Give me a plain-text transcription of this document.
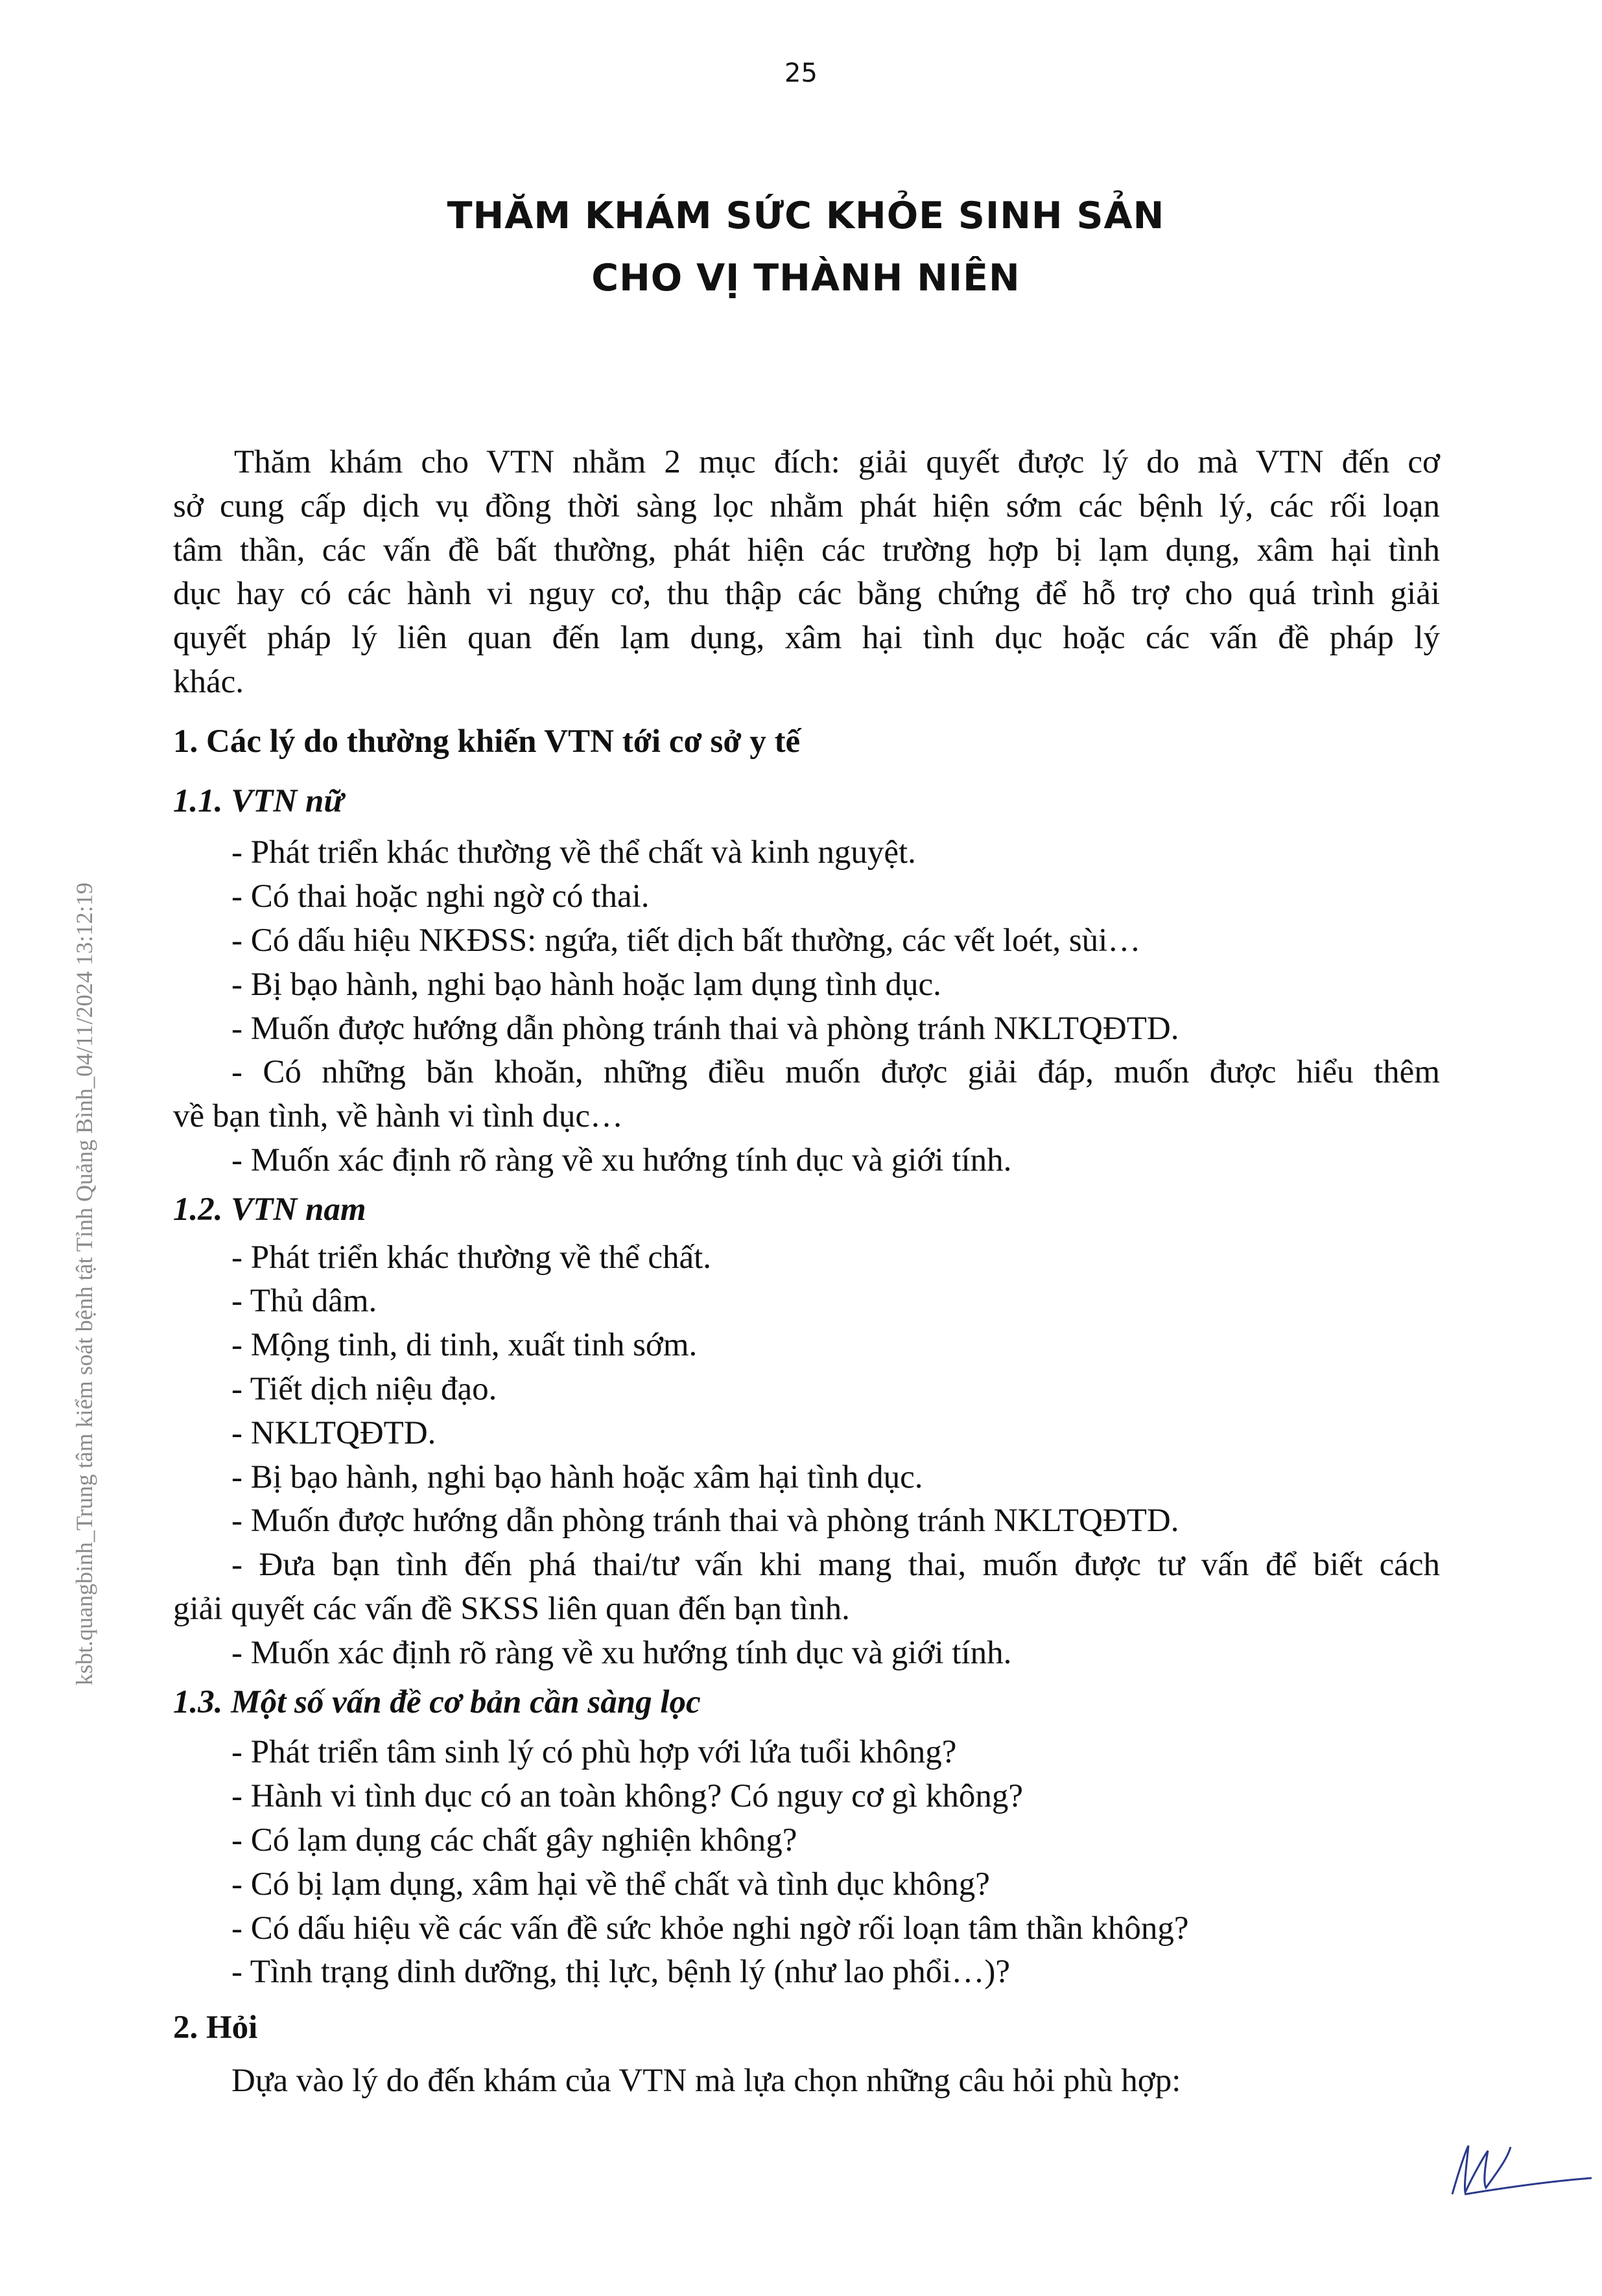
25
THĂM KHÁM SỨC KHỎE SINH SẢN
CHO VỊ THÀNH NIÊN
Thăm khám cho VTN nhằm 2 mục đích: giải quyết được lý do mà VTN đến cơ
sở cung cấp dịch vụ đồng thời sàng lọc nhằm phát hiện sớm các bệnh lý, các rối loạn
tâm thần, các vấn đề bất thường, phát hiện các trường hợp bị lạm dụng, xâm hại tình
dục hay có các hành vi nguy cơ, thu thập các bằng chứng để hỗ trợ cho quá trình giải
quyết pháp lý liên quan đến lạm dụng, xâm hại tình dục hoặc các vấn đề pháp lý
khác.
1. Các lý do thường khiến VTN tới cơ sở y tế
1.1. VTN nữ
- Phát triển khác thường về thể chất và kinh nguyệt.
- Có thai hoặc nghi ngờ có thai.
- Có dấu hiệu NKĐSS: ngứa, tiết dịch bất thường, các vết loét, sùi…
- Bị bạo hành, nghi bạo hành hoặc lạm dụng tình dục.
- Muốn được hướng dẫn phòng tránh thai và phòng tránh NKLTQĐTD.
- Có những băn khoăn, những điều muốn được giải đáp, muốn được hiểu thêm
về bạn tình, về hành vi tình dục…
- Muốn xác định rõ ràng về xu hướng tính dục và giới tính.
1.2. VTN nam
- Phát triển khác thường về thể chất.
- Thủ dâm.
- Mộng tinh, di tinh, xuất tinh sớm.
- Tiết dịch niệu đạo.
- NKLTQĐTD.
- Bị bạo hành, nghi bạo hành hoặc xâm hại tình dục.
- Muốn được hướng dẫn phòng tránh thai và phòng tránh NKLTQĐTD.
- Đưa bạn tình đến phá thai/tư vấn khi mang thai, muốn được tư vấn để biết cách
giải quyết các vấn đề SKSS liên quan đến bạn tình.
- Muốn xác định rõ ràng về xu hướng tính dục và giới tính.
1.3. Một số vấn đề cơ bản cần sàng lọc
- Phát triển tâm sinh lý có phù hợp với lứa tuổi không?
- Hành vi tình dục có an toàn không? Có nguy cơ gì không?
- Có lạm dụng các chất gây nghiện không?
- Có bị lạm dụng, xâm hại về thể chất và tình dục không?
- Có dấu hiệu về các vấn đề sức khỏe nghi ngờ rối loạn tâm thần không?
- Tình trạng dinh dưỡng, thị lực, bệnh lý (như lao phổi…)?
2. Hỏi
Dựa vào lý do đến khám của VTN mà lựa chọn những câu hỏi phù hợp:
ksbt.quangbinh_Trung tâm kiểm soát bệnh tật Tỉnh Quảng Bình_04/11/2024 13:12:19
